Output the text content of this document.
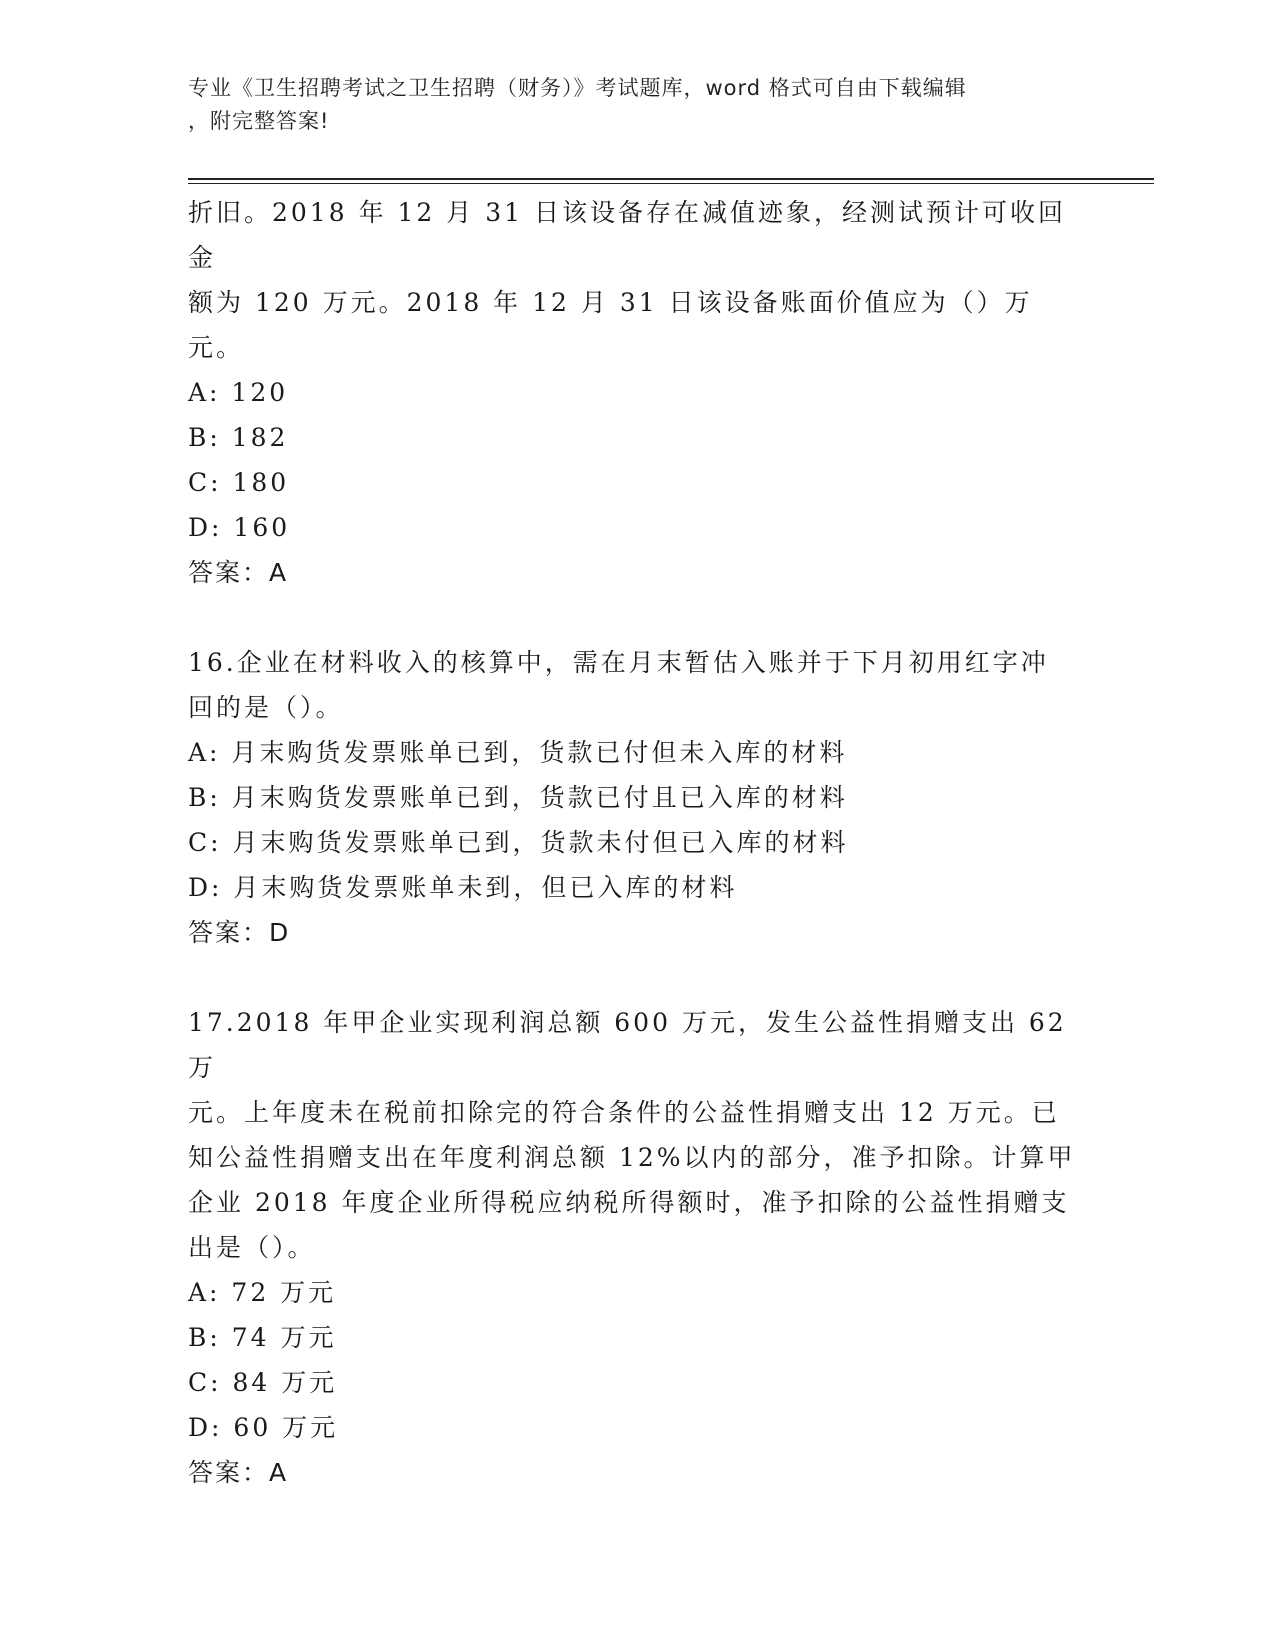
专业《卫生招聘考试之卫生招聘（财务）》考试题库，word 格式可自由下载编辑
，附完整答案!

折旧。2018 年 12 月 31 日该设备存在减值迹象，经测试预计可收回金

额为 120 万元。2018 年 12 月 31 日该设备账面价值应为（）万元。

A: 120

B: 182

C: 180

D: 160

答案：A

16.企业在材料收入的核算中，需在月末暂估入账并于下月初用红字冲

回的是（）。

A: 月末购货发票账单已到，货款已付但未入库的材料

B: 月末购货发票账单已到，货款已付且已入库的材料

C: 月末购货发票账单已到，货款未付但已入库的材料

D: 月末购货发票账单未到，但已入库的材料

答案：D

17.2018 年甲企业实现利润总额 600 万元，发生公益性捐赠支出 62 万

元。上年度未在税前扣除完的符合条件的公益性捐赠支出 12 万元。已

知公益性捐赠支出在年度利润总额 12%以内的部分，准予扣除。计算甲

企业 2018 年度企业所得税应纳税所得额时，准予扣除的公益性捐赠支

出是（）。

A: 72 万元

B: 74 万元

C: 84 万元

D: 60 万元

答案：A
